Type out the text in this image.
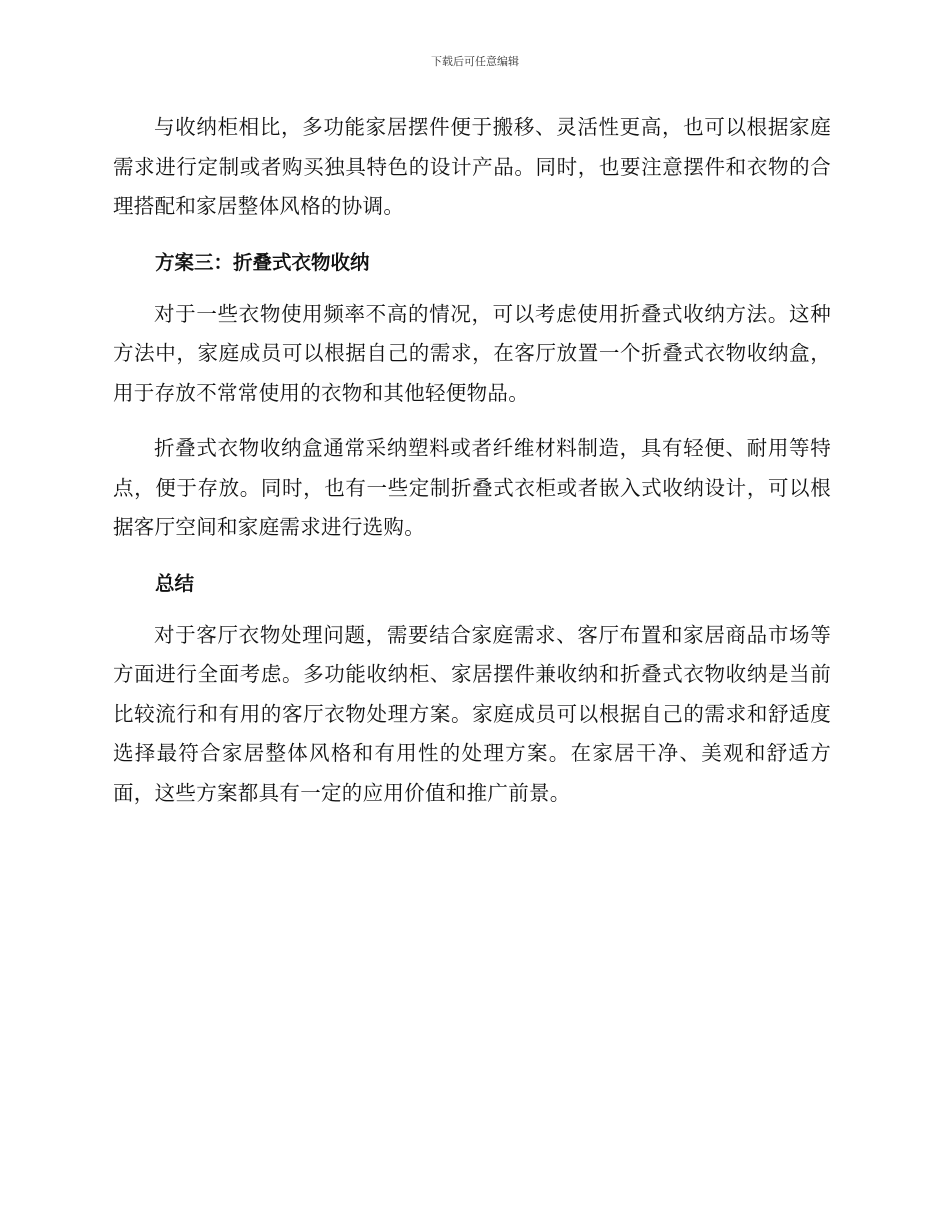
下载后可任意编辑

与收纳柜相比，多功能家居摆件便于搬移、灵活性更高，也可以根据家庭需求进行定制或者购买独具特色的设计产品。同时，也要注意摆件和衣物的合理搭配和家居整体风格的协调。

方案三：折叠式衣物收纳

对于一些衣物使用频率不高的情况，可以考虑使用折叠式收纳方法。这种方法中，家庭成员可以根据自己的需求，在客厅放置一个折叠式衣物收纳盒，用于存放不常常使用的衣物和其他轻便物品。

折叠式衣物收纳盒通常采纳塑料或者纤维材料制造，具有轻便、耐用等特点，便于存放。同时，也有一些定制折叠式衣柜或者嵌入式收纳设计，可以根据客厅空间和家庭需求进行选购。

总结

对于客厅衣物处理问题，需要结合家庭需求、客厅布置和家居商品市场等方面进行全面考虑。多功能收纳柜、家居摆件兼收纳和折叠式衣物收纳是当前比较流行和有用的客厅衣物处理方案。家庭成员可以根据自己的需求和舒适度选择最符合家居整体风格和有用性的处理方案。在家居干净、美观和舒适方面，这些方案都具有一定的应用价值和推广前景。
